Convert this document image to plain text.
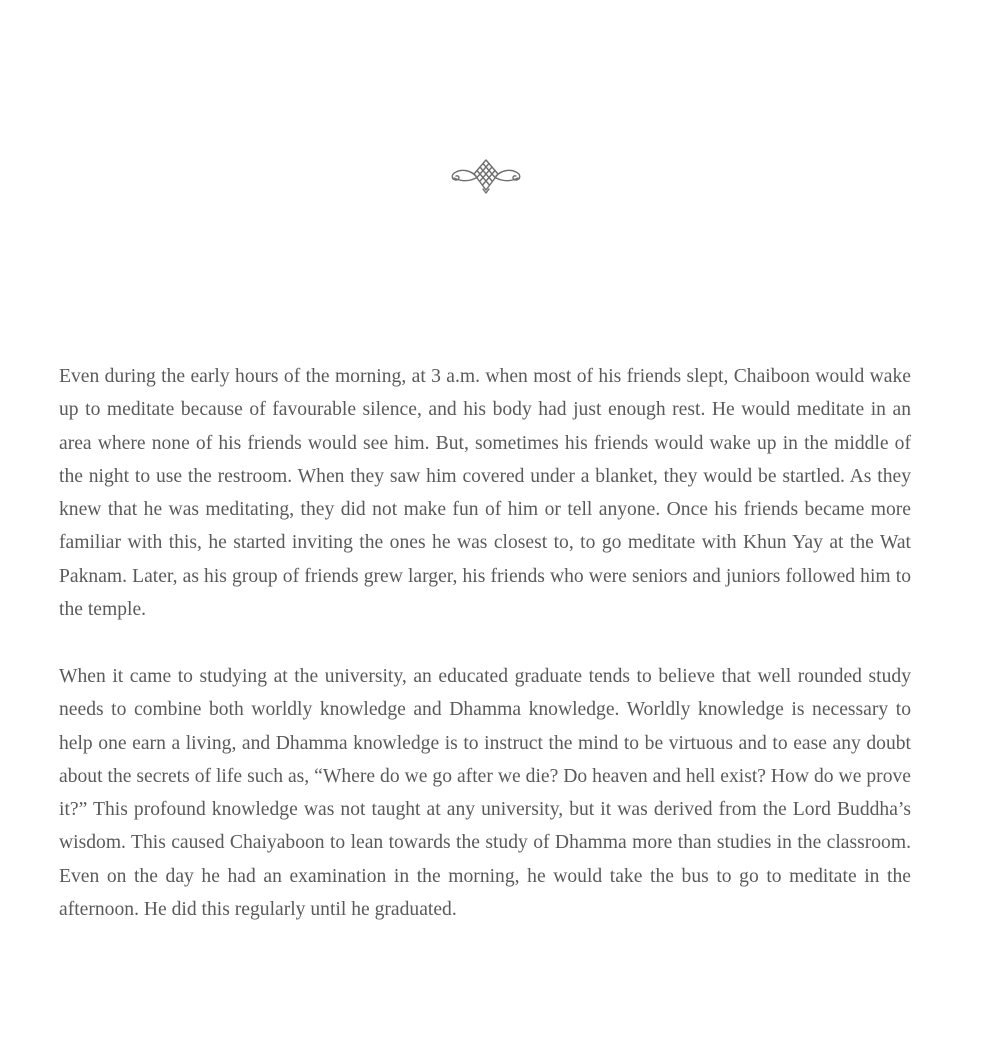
Even during the early hours of the morning, at 3 a.m. when most of his friends slept, Chaiboon would wake up to meditate because of favourable silence, and his body had just enough rest. He would meditate in an area where none of his friends would see him. But, sometimes his friends would wake up in the middle of the night to use the restroom. When they saw him covered under a blanket, they would be startled. As they knew that he was meditating, they did not make fun of him or tell anyone. Once his friends became more familiar with this, he started inviting the ones he was closest to, to go meditate with Khun Yay at the Wat Paknam. Later, as his group of friends grew larger, his friends who were seniors and juniors followed him to the temple.

When it came to studying at the university, an educated graduate tends to believe that well rounded study needs to combine both worldly knowledge and Dhamma knowledge. Worldly knowledge is necessary to help one earn a living, and Dhamma knowledge is to instruct the mind to be virtuous and to ease any doubt about the secrets of life such as, “Where do we go after we die? Do heaven and hell exist? How do we prove it?” This profound knowledge was not taught at any university, but it was derived from the Lord Buddha’s wisdom. This caused Chaiyaboon to lean towards the study of Dhamma more than studies in the classroom. Even on the day he had an examination in the morning, he would take the bus to go to meditate in the afternoon. He did this regularly until he graduated.
